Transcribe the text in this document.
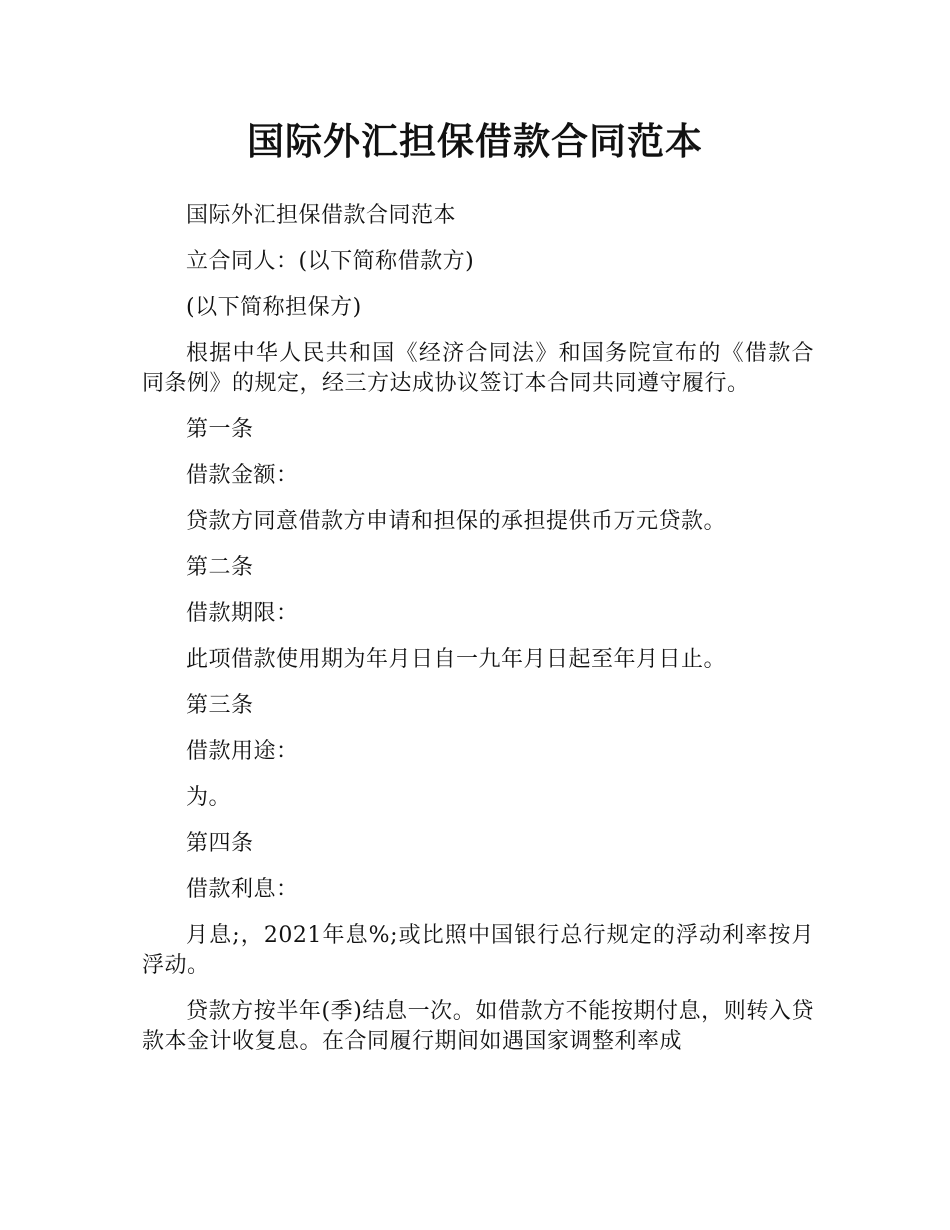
国际外汇担保借款合同范本

国际外汇担保借款合同范本

立合同人：(以下简称借款方)

(以下简称担保方)

根据中华人民共和国《经济合同法》和国务院宣布的《借款合同条例》的规定，经三方达成协议签订本合同共同遵守履行。

第一条

借款金额：

贷款方同意借款方申请和担保的承担提供币万元贷款。

第二条

借款期限：

此项借款使用期为年月日自一九年月日起至年月日止。

第三条

借款用途：

为。

第四条

借款利息：

月息;，2021年息%;或比照中国银行总行规定的浮动利率按月浮动。

贷款方按半年(季)结息一次。如借款方不能按期付息，则转入贷款本金计收复息。在合同履行期间如遇国家调整利率成
